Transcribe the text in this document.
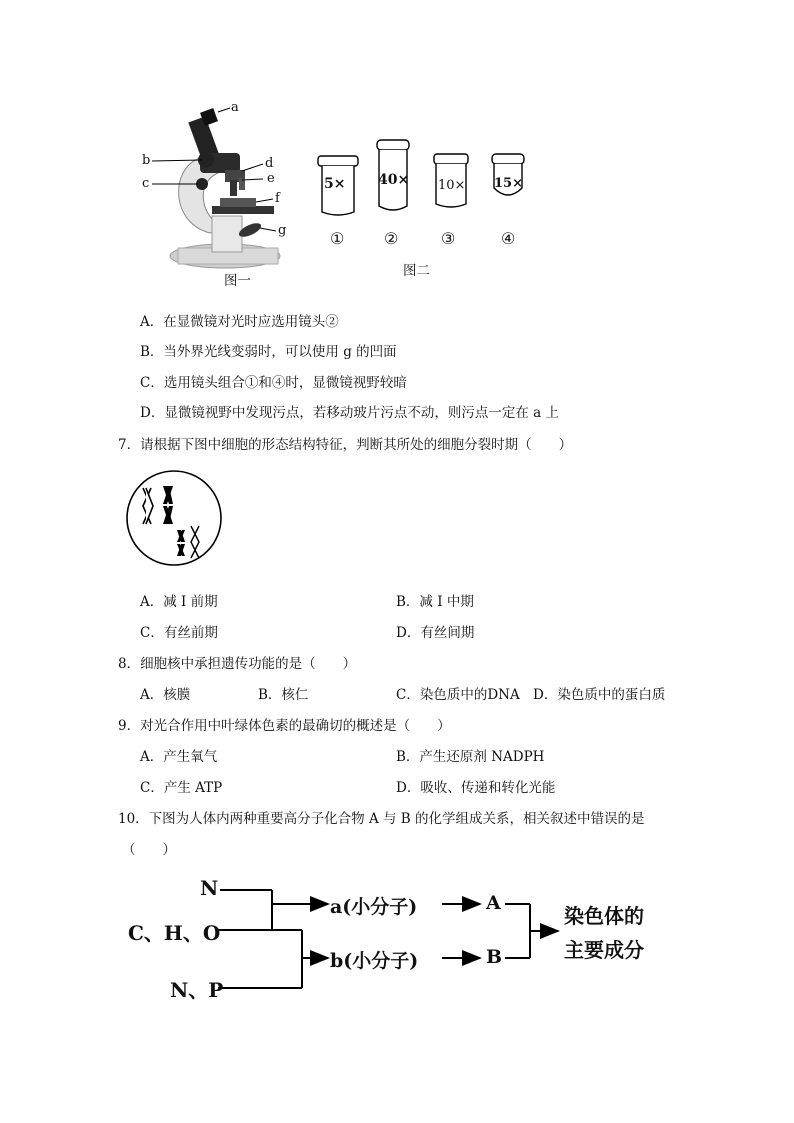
a
b
c
d
e
f
g
图一
5× 40× 10× 15×
① ②	③	④
图二
A．在显微镜对光时应选用镜头②
B．当外界光线变弱时，可以使用 g 的凹面
C．选用镜头组合①和④时，显微镜视野较暗
D．显微镜视野中发现污点，若移动玻片污点不动，则污点一定在 a 上
7．请根据下图中细胞的形态结构特征，判断其所处的细胞分裂时期（　　）
A．减 I 前期	B．减 I 中期
C．有丝前期	D．有丝间期
8．细胞核中承担遗传功能的是（　　）
A．核膜	B．核仁	C．染色质中的DNA D．染色质中的蛋白质
9．对光合作用中叶绿体色素的最确切的概述是（　　）
A．产生氧气	B．产生还原剂 NADPH
C．产生 ATP	D．吸收、传递和转化光能
10．下图为人体内两种重要高分子化合物 A 与 B 的化学组成关系，相关叙述中错误的是
（　　）
N
C、H、O
N、P
a(小分子)
b(小分子)
A
B
染色体的
主要成分
